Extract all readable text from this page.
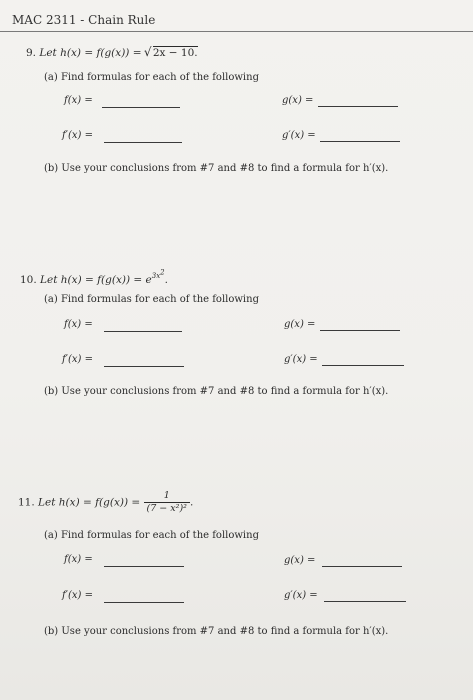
MAC 2311 - Chain Rule
9. Let h(x) = f(g(x)) = √ 2x − 10.
(a) Find formulas for each of the following
f(x) =	g(x) =
f′(x) =	g′(x) =
(b) Use your conclusions from #7 and #8 to find a formula for h′(x).
10. Let $h(x) = f(g(x)) = e^{3x^2}$.
(a) Find formulas for each of the following
f(x) =	g(x) =
f′(x) =	g′(x) =
(b) Use your conclusions from #7 and #8 to find a formula for h′(x).
11. Let $h(x) = f(g(x)) = \frac{1}{\text{(7 − x²)²}}$ .
(a) Find formulas for each of the following
f(x) =	g(x) =
f′(x) =	g′(x) =
(b) Use your conclusions from #7 and #8 to find a formula for h′(x).
